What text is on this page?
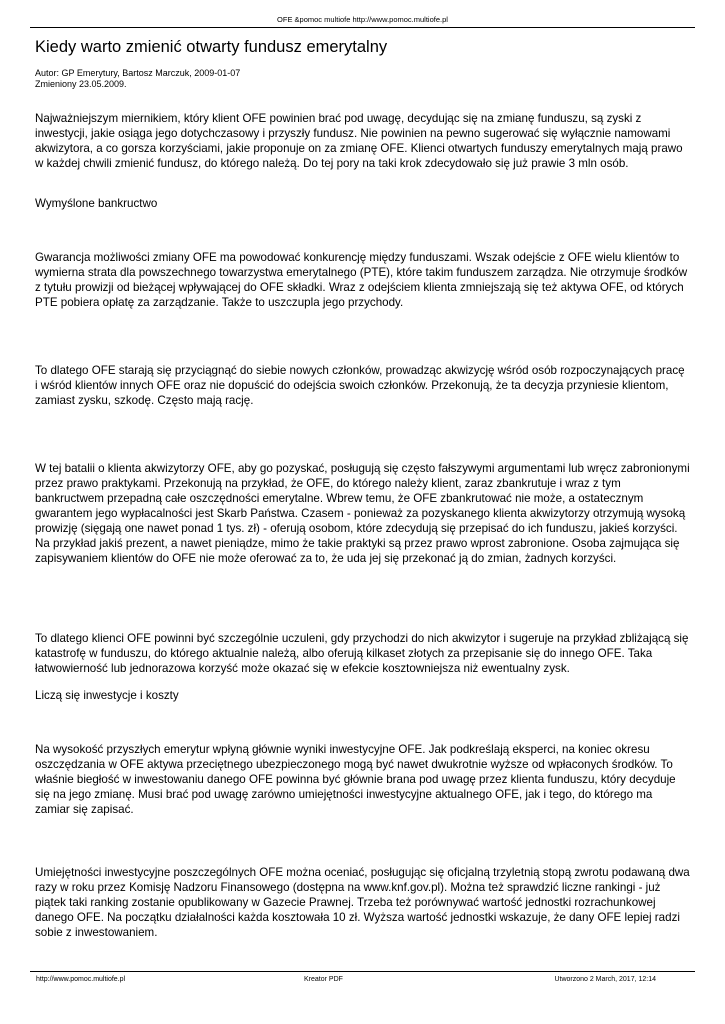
OFE &pomoc multiofe http://www.pomoc.multiofe.pl
Kiedy warto zmienić otwarty fundusz emerytalny
Autor: GP Emerytury, Bartosz Marczuk, 2009-01-07
Zmieniony 23.05.2009.

Najważniejszym miernikiem, który klient OFE powinien brać pod uwagę, decydując się na zmianę funduszu, są zyski z inwestycji, jakie osiąga jego dotychczasowy i przyszły fundusz. Nie powinien na pewno sugerować się wyłącznie namowami akwizytora, a co gorsza korzyściami, jakie proponuje on za zmianę OFE. Klienci otwartych funduszy emerytalnych mają prawo w każdej chwili zmienić fundusz, do którego należą. Do tej pory na taki krok zdecydowało się już prawie 3 mln osób.

Wymyślone bankructwo

Gwarancja możliwości zmiany OFE ma powodować konkurencję między funduszami. Wszak odejście z OFE wielu klientów to wymierna strata dla powszechnego towarzystwa emerytalnego (PTE), które takim funduszem zarządza. Nie otrzymuje środków z tytułu prowizji od bieżącej wpływającej do OFE składki. Wraz z odejściem klienta zmniejszają się też aktywa OFE, od których PTE pobiera opłatę za zarządzanie. Także to uszczupla jego przychody.

To dlatego OFE starają się przyciągnąć do siebie nowych członków, prowadząc akwizycję wśród osób rozpoczynających pracę i wśród klientów innych OFE oraz nie dopuścić do odejścia swoich członków. Przekonują, że ta decyzja przyniesie klientom, zamiast zysku, szkodę. Często mają rację.

W tej batalii o klienta akwizytorzy OFE, aby go pozyskać, posługują się często fałszywymi argumentami lub wręcz zabronionymi przez prawo praktykami. Przekonują na przykład, że OFE, do którego należy klient, zaraz zbankrutuje i wraz z tym bankructwem przepadną całe oszczędności emerytalne. Wbrew temu, że OFE zbankrutować nie może, a ostatecznym gwarantem jego wypłacalności jest Skarb Państwa. Czasem - ponieważ za pozyskanego klienta akwizytorzy otrzymują wysoką prowizję (sięgają one nawet ponad 1 tys. zł) - oferują osobom, które zdecydują się przepisać do ich funduszu, jakieś korzyści. Na przykład jakiś prezent, a nawet pieniądze, mimo że takie praktyki są przez prawo wprost zabronione. Osoba zajmująca się zapisywaniem klientów do OFE nie może oferować za to, że uda jej się przekonać ją do zmian, żadnych korzyści.

To dlatego klienci OFE powinni być szczególnie uczuleni, gdy przychodzi do nich akwizytor i sugeruje na przykład zbliżającą się katastrofę w funduszu, do którego aktualnie należą, albo oferują kilkaset złotych za przepisanie się do innego OFE. Taka łatwowierność lub jednorazowa korzyść może okazać się w efekcie kosztowniejsza niż ewentualny zysk.

Liczą się inwestycje i koszty

Na wysokość przyszłych emerytur wpłyną głównie wyniki inwestycyjne OFE. Jak podkreślają eksperci, na koniec okresu oszczędzania w OFE aktywa przeciętnego ubezpieczonego mogą być nawet dwukrotnie wyższe od wpłaconych środków. To właśnie biegłość w inwestowaniu danego OFE powinna być głównie brana pod uwagę przez klienta funduszu, który decyduje się na jego zmianę. Musi brać pod uwagę zarówno umiejętności inwestycyjne aktualnego OFE, jak i tego, do którego ma zamiar się zapisać.

Umiejętności inwestycyjne poszczególnych OFE można oceniać, posługując się oficjalną trzyletnią stopą zwrotu podawaną dwa razy w roku przez Komisję Nadzoru Finansowego (dostępna na www.knf.gov.pl). Można też sprawdzić liczne rankingi - już piątek taki ranking zostanie opublikowany w Gazecie Prawnej. Trzeba też porównywać wartość jednostki rozrachunkowej danego OFE. Na początku działalności każda kosztowała 10 zł. Wyższa wartość jednostki wskazuje, że dany OFE lepiej radzi sobie z inwestowaniem.

http://www.pomoc.multiofe.pl	Kreator PDF	Utworzono 2 March, 2017, 12:14
